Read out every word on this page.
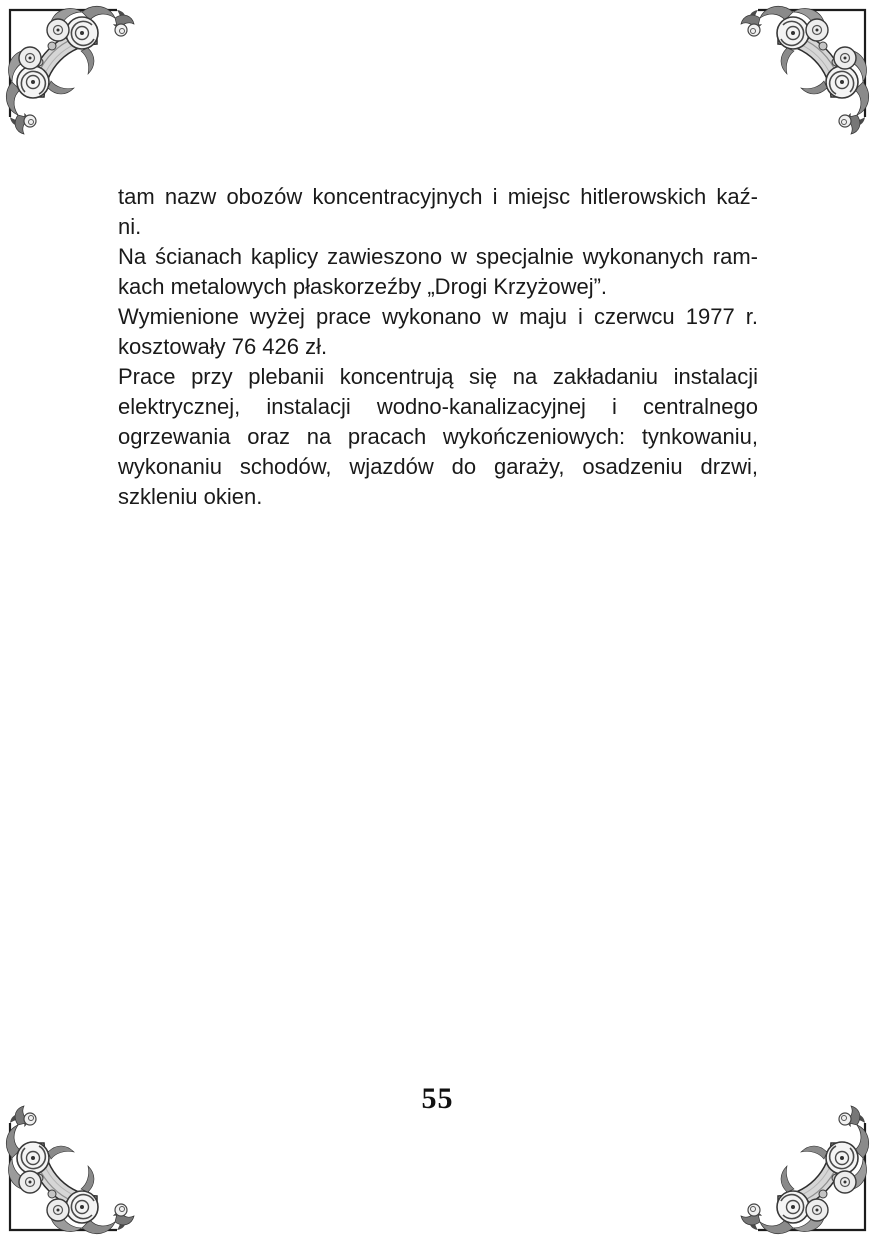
tam nazw obozów koncentracyjnych i miejsc hitlerowskich kaź-
ni.
Na ścianach kaplicy zawieszono w specjalnie wykonanych ram-
kach metalowych płaskorzeźby „Drogi Krzyżowej”.
Wymienione wyżej prace wykonano w maju i czerwcu 1977 r.
kosztowały 76 426 zł.
Prace przy plebanii koncentrują się na zakładaniu instalacji
elektrycznej, instalacji wodno-kanalizacyjnej i centralnego
ogrzewania oraz na pracach wykończeniowych: tynkowaniu,
wykonaniu schodów, wjazdów do garaży, osadzeniu drzwi,
szkleniu okien.
55
